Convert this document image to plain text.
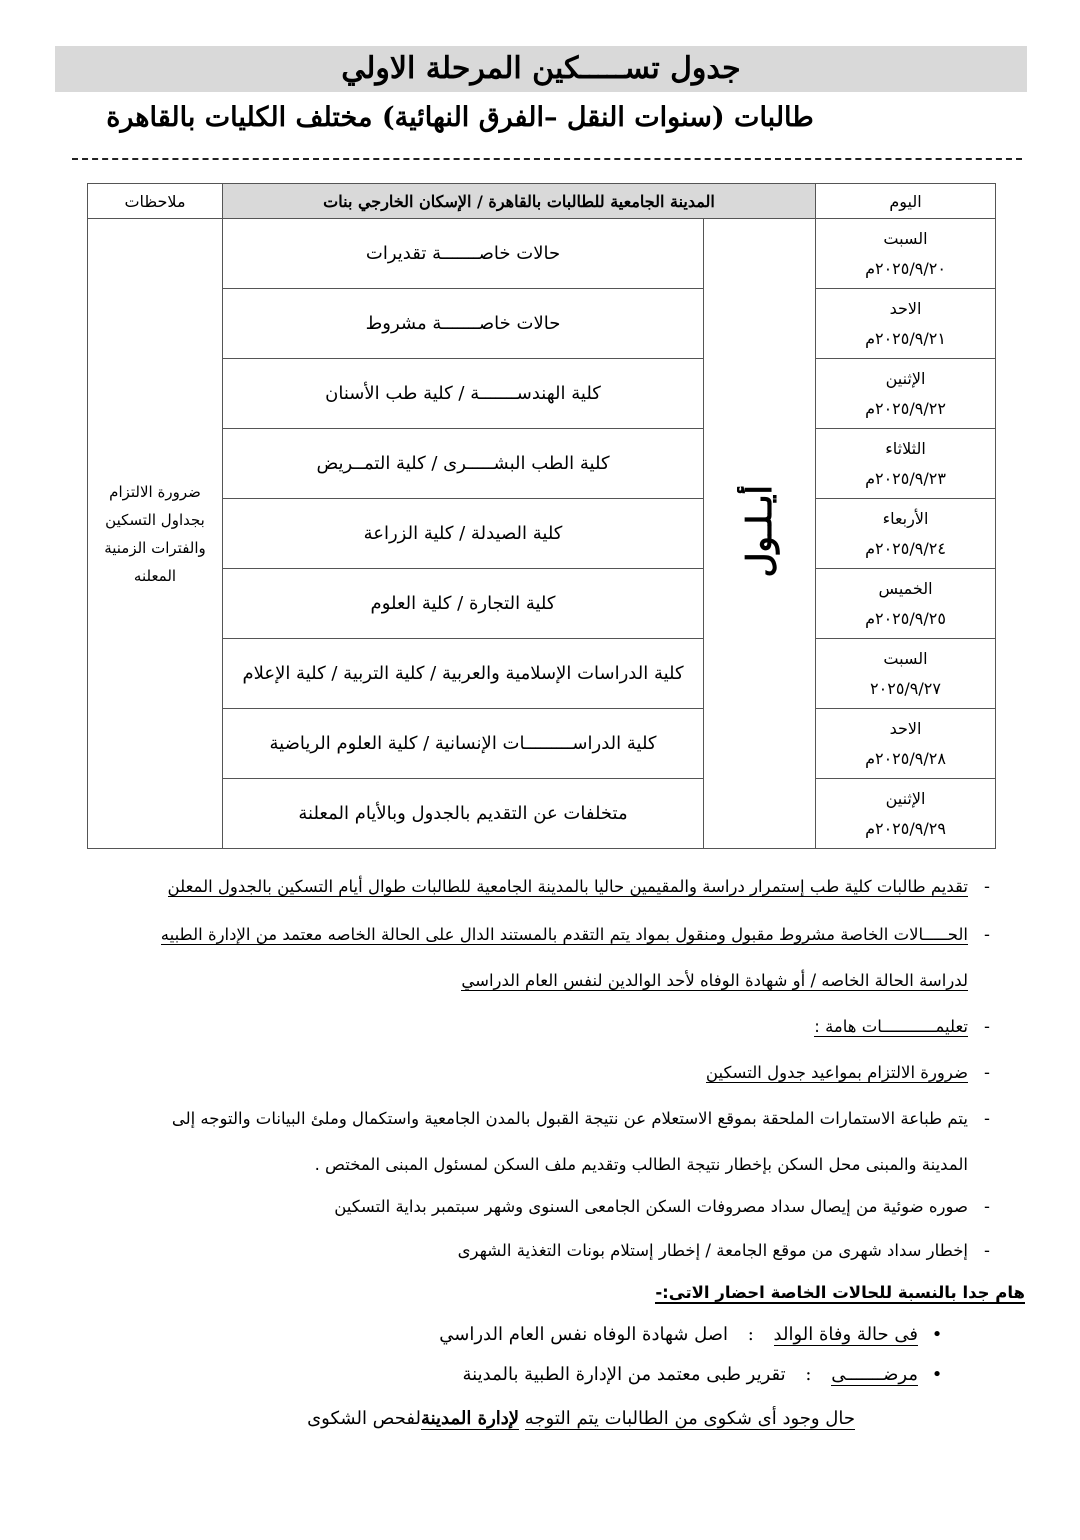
جدول تســـــكين المرحلة الاولي
طالبات (سنوات النقل –الفرق النهائية) مختلف الكليات بالقاهرة
اليوم	المدينة الجامعية للطالبات بالقاهرة / الإسكان الخارجي بنات		ملاحظات

السبت
٢٠٢٥/٩/٢٠م	أيـلـول	حالات خاصـــــــة تقديرات	ضرورة الالتزام بجداول التسكين والفترات الزمنية المعلنه

الاحد
٢٠٢٥/٩/٢١م		حالات خاصـــــــة مشروط	

الإثنين
٢٠٢٥/٩/٢٢م		كلية الهندســـــــة / كلية طب الأسنان	

الثلاثاء
٢٠٢٥/٩/٢٣م		كلية الطب البشـــــرى / كلية التمــريض	

الأربعاء
٢٠٢٥/٩/٢٤م		كلية الصيدلة / كلية الزراعة	

الخميس
٢٠٢٥/٩/٢٥م		كلية التجارة / كلية العلوم	

السبت
٢٠٢٥/٩/٢٧		كلية الدراسات الإسلامية والعربية / كلية التربية / كلية الإعلام	

الاحد
٢٠٢٥/٩/٢٨م		كلية الدراســـــــــات الإنسانية / كلية العلوم الرياضية	

الإثنين
٢٠٢٥/٩/٢٩م		متخلفات عن التقديم بالجدول وبالأيام المعلنة	
-تقديم طالبات كلية طب إستمرار دراسة والمقيمين حاليا بالمدينة الجامعية للطالبات طوال أيام التسكين بالجدول المعلن
-الحـــــالات الخاصة مشروط مقبول ومنقول بمواد يتم التقدم بالمستند الدال على الحالة الخاصه معتمد من الإدارة الطبيه
لدراسة الحالة الخاصه / أو شهادة الوفاه لأحد الوالدين لنفس العام الدراسي
-تعليمـــــــــــات هامة :
-ضرورة الالتزام بمواعيد جدول التسكين
-يتم طباعة الاستمارات الملحقة بموقع الاستعلام عن نتيجة القبول بالمدن الجامعية واستكمال وملئ البيانات والتوجه إلى
المدينة والمبنى محل السكن بإخطار نتيجة الطالب وتقديم ملف السكن لمسئول المبنى المختص .
-صوره ضوئية من إيصال سداد مصروفات السكن الجامعى السنوى وشهر سبتمبر بداية التسكين
-إخطار سداد شهرى من موقع الجامعة / إخطار إستلام بونات التغذية الشهرى
هام جدا بالنسبة للحالات الخاصة احضار الاتى:-
•فى حالة وفاة الوالد : اصل شهادة الوفاه نفس العام الدراسي
•مرضـــــــى : تقرير طبى معتمد من الإدارة الطبية بالمدينة
حال وجود أى شكوى من الطالبات يتم التوجه لإدارة المدينةلفحص الشكوى
